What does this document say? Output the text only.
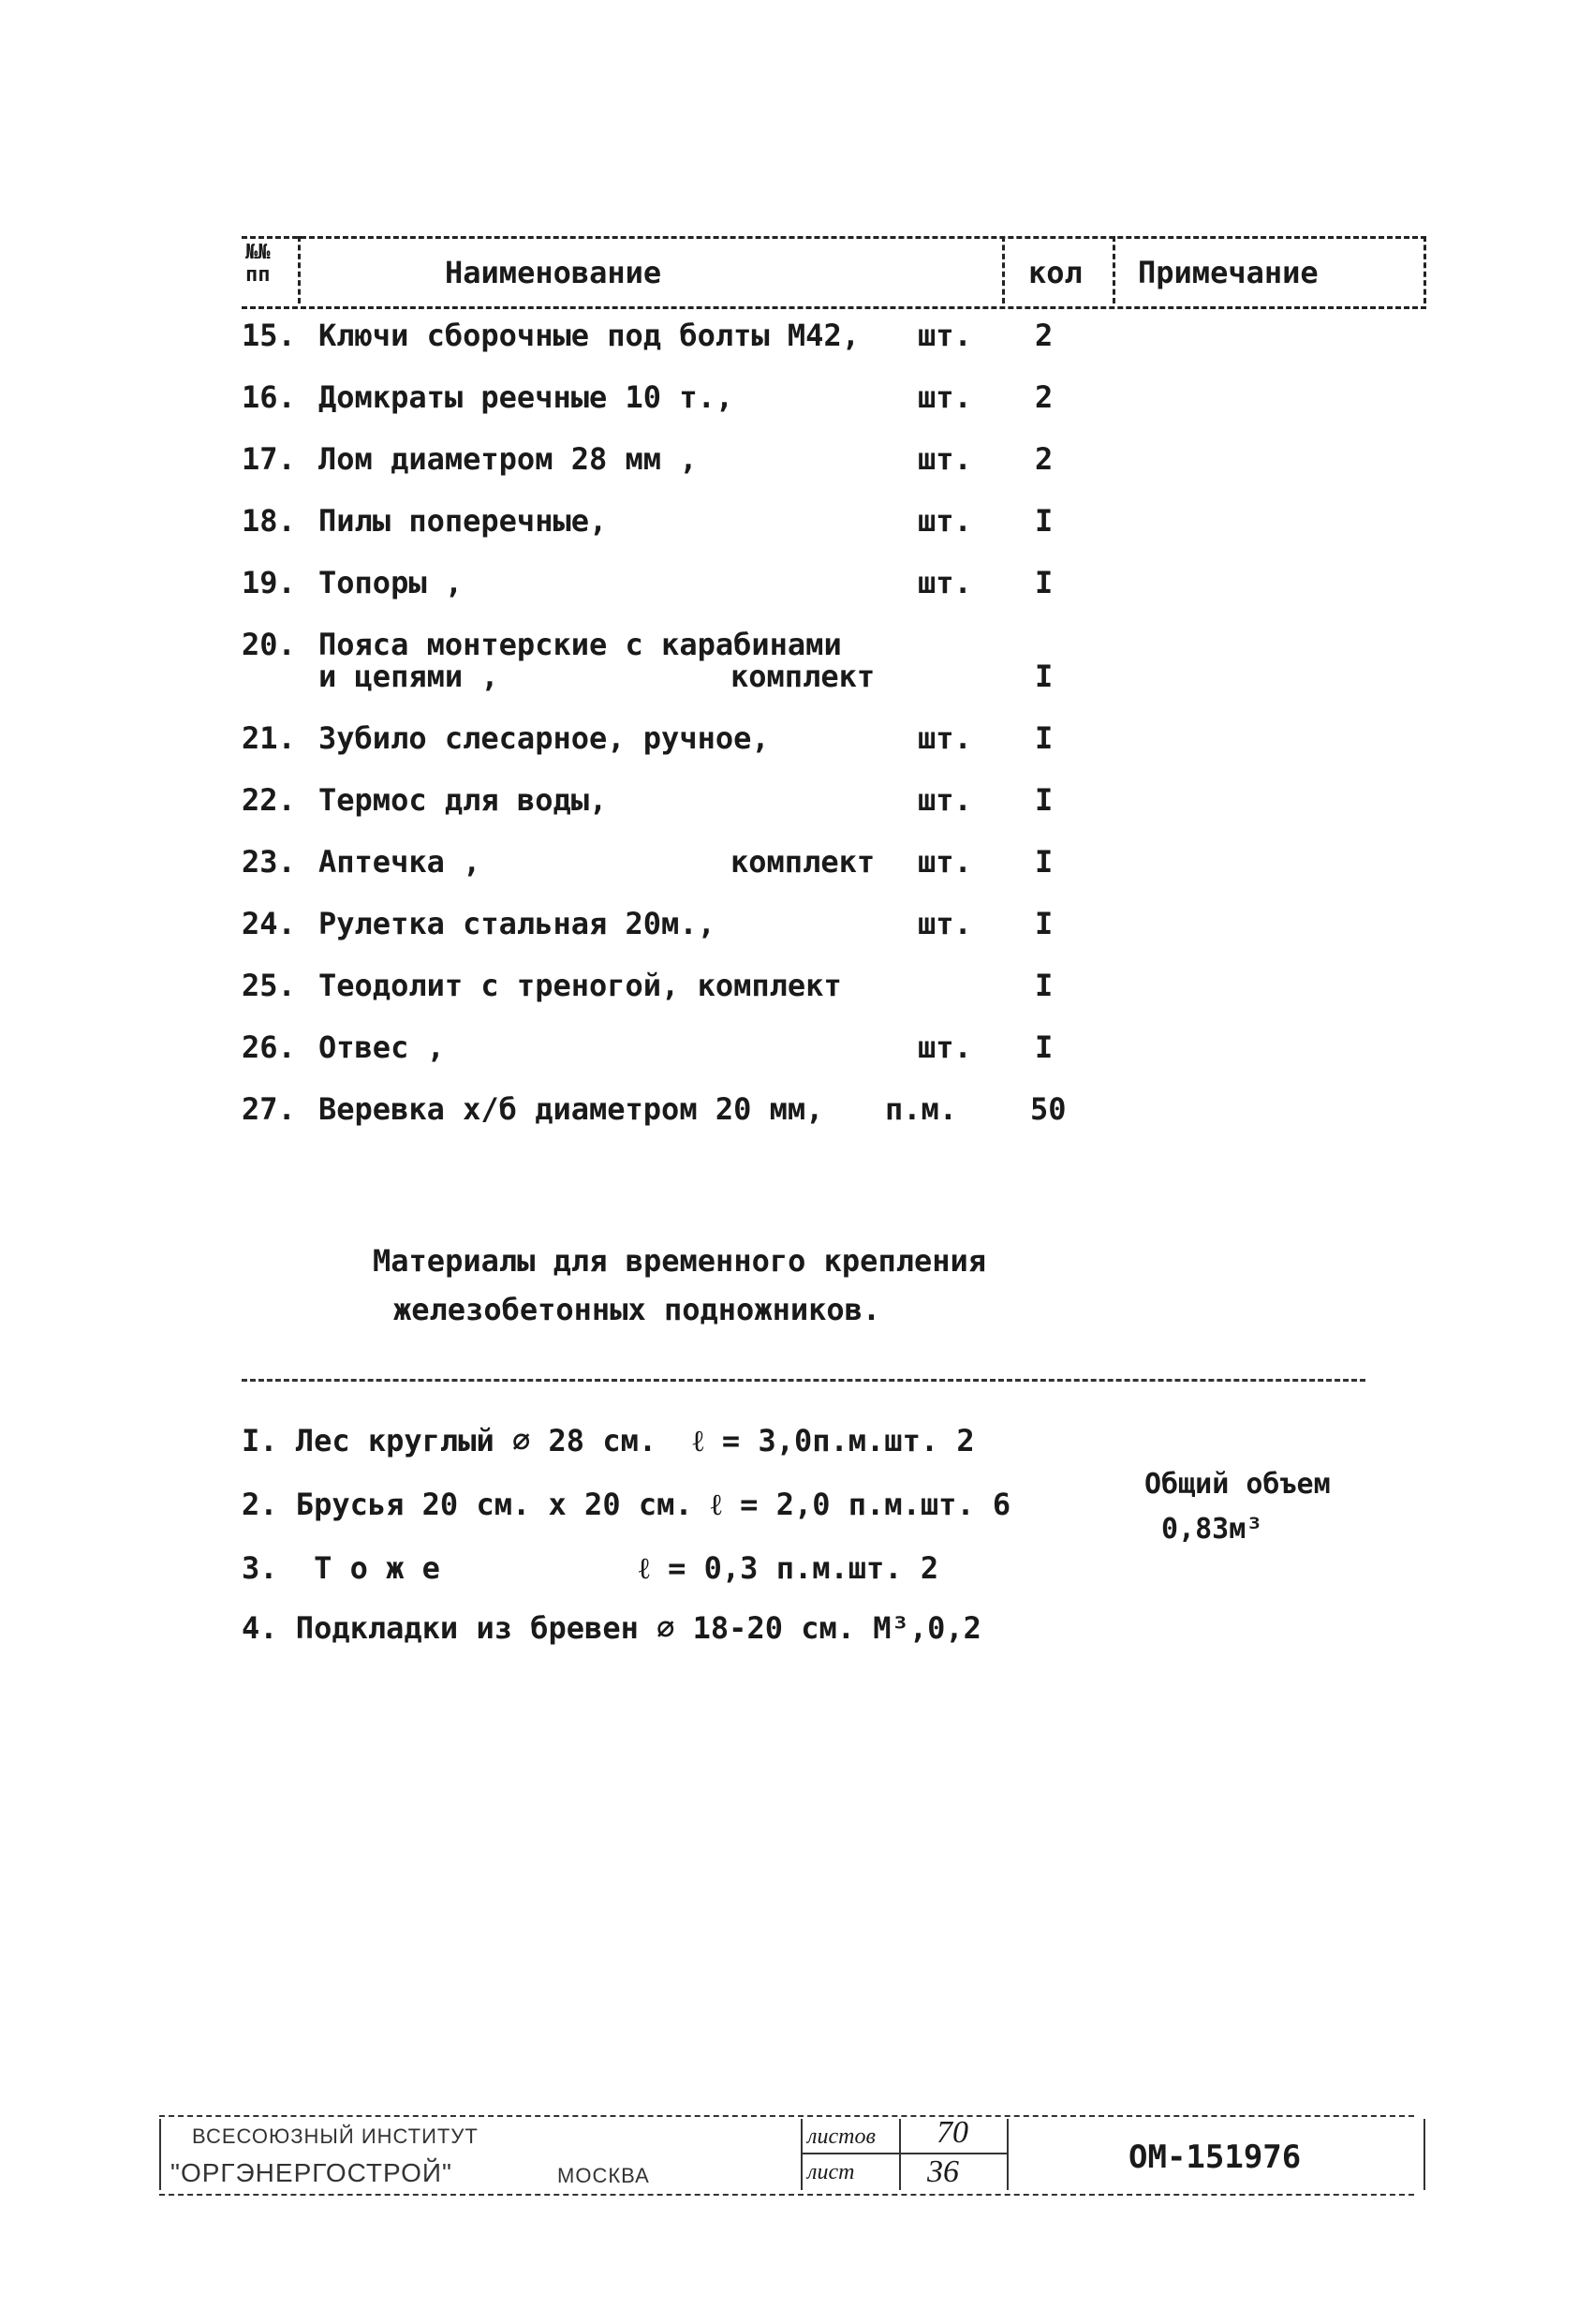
№№
пп	Наименование	кол Примечание
15. Ключи сборочные под болты М42, шт. 2
16. Домкраты реечные 10 т.,	шт. 2
17. Лом диаметром 28 мм ,	шт. 2
18. Пилы поперечные,	шт. I
19. Топоры ,	шт. I
20. Пояса монтерские с карабинами
и цепями ,	комплект	I
21. Зубило слесарное, ручное,	шт. I
22. Термос для воды,	шт. I
23. Аптечка ,	комплект шт. I
24. Рулетка стальная 20м.,	шт. I
25. Теодолит с треногой, комплект	I
26. Отвес ,	шт. I
27. Веревка х/б диаметром 20 мм, п.м. 50
Материалы для временного крепления
железобетонных подножников.
I. Лес круглый ∅ 28 см.  ℓ = 3,0п.м.шт. 2
2. Брусья 20 см. х 20 см. ℓ = 2,0 п.м.шт. 6
3.  Т о ж е           ℓ = 0,3 п.м.шт. 2
4. Подкладки из бревен ∅ 18-20 см. М³,0,2
Общий объем
0,83м³
ВСЕСОЮЗНЫЙ ИНСТИТУТ
"ОРГЭНЕРГОСТРОЙ"	МОСКВА
листов 70
лист 36	ОМ-151976
